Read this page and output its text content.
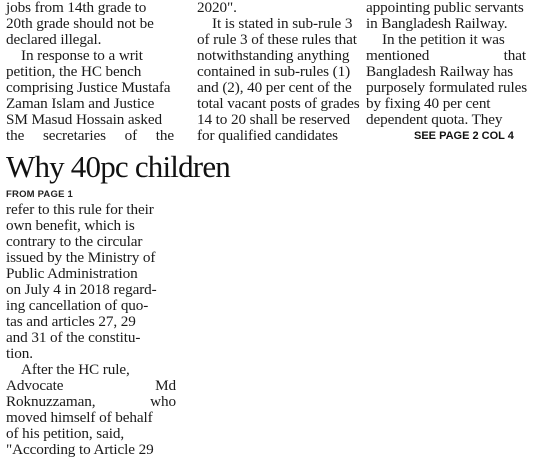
jobs from 14th grade to
20th grade should not be
declared illegal.
In response to a writ
petition, the HC bench
comprising Justice Mustafa
Zaman Islam and Justice
SM Masud Hossain asked
the secretaries of the
2020".
It is stated in sub-rule 3
of rule 3 of these rules that
notwithstanding anything
contained in sub-rules (1)
and (2), 40 per cent of the
total vacant posts of grades
14 to 20 shall be reserved
for qualified candidates
appointing public servants
in Bangladesh Railway.
In the petition it was
mentioned that
Bangladesh Railway has
purposely formulated rules
by fixing 40 per cent
dependent quota. They
SEE PAGE 2 COL 4
Why 40pc children
FROM PAGE 1
refer to this rule for their
own benefit, which is
contrary to the circular
issued by the Ministry of
Public Administration
on July 4 in 2018 regard-
ing cancellation of quo-
tas and articles 27, 29
and 31 of the constitu-
tion.
After the HC rule,
Advocate Md
Roknuzzaman, who
moved himself of behalf
of his petition, said,
"According to Article 29
